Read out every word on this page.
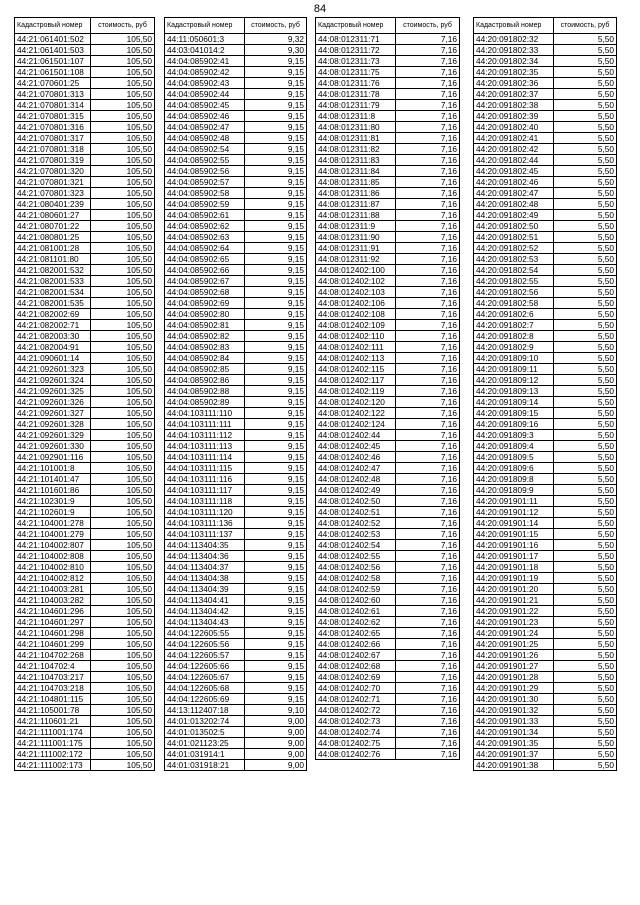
84
Кадастровый номер	стоимость, руб
44:21:061401:502	105,50
44:21:061401:503	105,50
44:21:061501:107	105,50
44:21:061501:108	105,50
44:21:070601:25	105,50
44:21:070801:313	105,50
44:21:070801:314	105,50
44:21:070801:315	105,50
44:21:070801:316	105,50
44:21:070801:317	105,50
44:21:070801:318	105,50
44:21:070801:319	105,50
44:21:070801:320	105,50
44:21:070801:321	105,50
44:21:070801:323	105,50
44:21:080401:239	105,50
44:21:080601:27	105,50
44:21:080701:22	105,50
44:21:080801:25	105,50
44:21:081001:28	105,50
44:21:081101:80	105,50
44:21:082001:532	105,50
44:21:082001:533	105,50
44:21:082001:534	105,50
44:21:082001:535	105,50
44:21:082002:69	105,50
44:21:082002:71	105,50
44:21:082003:30	105,50
44:21:082004:91	105,50
44:21:090601:14	105,50
44:21:092601:323	105,50
44:21:092601:324	105,50
44:21:092601:325	105,50
44:21:092601:326	105,50
44:21:092601:327	105,50
44:21:092601:328	105,50
44:21:092601:329	105,50
44:21:092601:330	105,50
44:21:092901:116	105,50
44:21:101001:8	105,50
44:21:101401:47	105,50
44:21:101601:86	105,50
44:21:102301:9	105,50
44:21:102601:9	105,50
44:21:104001:278	105,50
44:21:104001:279	105,50
44:21:104002:807	105,50
44:21:104002:808	105,50
44:21:104002:810	105,50
44:21:104002:812	105,50
44:21:104003:281	105,50
44:21:104003:282	105,50
44:21:104601:296	105,50
44:21:104601:297	105,50
44:21:104601:298	105,50
44:21:104601:299	105,50
44:21:104702:268	105,50
44:21:104702:4	105,50
44:21:104703:217	105,50
44:21:104703:218	105,50
44:21:104801:115	105,50
44:21:105001:78	105,50
44:21:110601:21	105,50
44:21:111001:174	105,50
44:21:111001:175	105,50
44:21:111002:172	105,50
44:21:111002:173	105,50
Кадастровый номер	стоимость, руб
44:11:050601:3	9,32
44:03:041014:2	9,30
44:04:085902:41	9,15
44:04:085902:42	9,15
44:04:085902:43	9,15
44:04:085902:44	9,15
44:04:085902:45	9,15
44:04:085902:46	9,15
44:04:085902:47	9,15
44:04:085902:48	9,15
44:04:085902:54	9,15
44:04:085902:55	9,15
44:04:085902:56	9,15
44:04:085902:57	9,15
44:04:085902:58	9,15
44:04:085902:59	9,15
44:04:085902:61	9,15
44:04:085902:62	9,15
44:04:085902:63	9,15
44:04:085902:64	9,15
44:04:085902:65	9,15
44:04:085902:66	9,15
44:04:085902:67	9,15
44:04:085902:68	9,15
44:04:085902:69	9,15
44:04:085902:80	9,15
44:04:085902:81	9,15
44:04:085902:82	9,15
44:04:085902:83	9,15
44:04:085902:84	9,15
44:04:085902:85	9,15
44:04:085902:86	9,15
44:04:085902:88	9,15
44:04:085902:89	9,15
44:04:103111:110	9,15
44:04:103111:111	9,15
44:04:103111:112	9,15
44:04:103111:113	9,15
44:04:103111:114	9,15
44:04:103111:115	9,15
44:04:103111:116	9,15
44:04:103111:117	9,15
44:04:103111:118	9,15
44:04:103111:120	9,15
44:04:103111:136	9,15
44:04:103111:137	9,15
44:04:113404:35	9,15
44:04:113404:36	9,15
44:04:113404:37	9,15
44:04:113404:38	9,15
44:04:113404:39	9,15
44:04:113404:41	9,15
44:04:113404:42	9,15
44:04:113404:43	9,15
44:04:122605:55	9,15
44:04:122605:56	9,15
44:04:122605:57	9,15
44:04:122605:66	9,15
44:04:122605:67	9,15
44:04:122605:68	9,15
44:04:122605:69	9,15
44:13:112407:18	9,10
44:01:013202:74	9,00
44:01:013502:5	9,00
44:01:021123:25	9,00
44:01:031914:1	9,00
44:01:031918:21	9,00
Кадастровый номер	стоимость, руб
44:08:012311:71	7,16
44:08:012311:72	7,16
44:08:012311:73	7,16
44:08:012311:75	7,16
44:08:012311:76	7,16
44:08:012311:78	7,16
44:08:012311:79	7,16
44:08:012311:8	7,16
44:08:012311:80	7,16
44:08:012311:81	7,16
44:08:012311:82	7,16
44:08:012311:83	7,16
44:08:012311:84	7,16
44:08:012311:85	7,16
44:08:012311:86	7,16
44:08:012311:87	7,16
44:08:012311:88	7,16
44:08:012311:9	7,16
44:08:012311:90	7,16
44:08:012311:91	7,16
44:08:012311:92	7,16
44:08:012402:100	7,16
44:08:012402:102	7,16
44:08:012402:103	7,16
44:08:012402:106	7,16
44:08:012402:108	7,16
44:08:012402:109	7,16
44:08:012402:110	7,16
44:08:012402:111	7,16
44:08:012402:113	7,16
44:08:012402:115	7,16
44:08:012402:117	7,16
44:08:012402:119	7,16
44:08:012402:120	7,16
44:08:012402:122	7,16
44:08:012402:124	7,16
44:08:012402:44	7,16
44:08:012402:45	7,16
44:08:012402:46	7,16
44:08:012402:47	7,16
44:08:012402:48	7,16
44:08:012402:49	7,16
44:08:012402:50	7,16
44:08:012402:51	7,16
44:08:012402:52	7,16
44:08:012402:53	7,16
44:08:012402:54	7,16
44:08:012402:55	7,16
44:08:012402:56	7,16
44:08:012402:58	7,16
44:08:012402:59	7,16
44:08:012402:60	7,16
44:08:012402:61	7,16
44:08:012402:62	7,16
44:08:012402:65	7,16
44:08:012402:66	7,16
44:08:012402:67	7,16
44:08:012402:68	7,16
44:08:012402:69	7,16
44:08:012402:70	7,16
44:08:012402:71	7,16
44:08:012402:72	7,16
44:08:012402:73	7,16
44:08:012402:74	7,16
44:08:012402:75	7,16
44:08:012402:76	7,16
Кадастровый номер	стоимость, руб
44:20:091802:32	5,50
44:20:091802:33	5,50
44:20:091802:34	5,50
44:20:091802:35	5,50
44:20:091802:36	5,50
44:20:091802:37	5,50
44:20:091802:38	5,50
44:20:091802:39	5,50
44:20:091802:40	5,50
44:20:091802:41	5,50
44:20:091802:42	5,50
44:20:091802:44	5,50
44:20:091802:45	5,50
44:20:091802:46	5,50
44:20:091802:47	5,50
44:20:091802:48	5,50
44:20:091802:49	5,50
44:20:091802:50	5,50
44:20:091802:51	5,50
44:20:091802:52	5,50
44:20:091802:53	5,50
44:20:091802:54	5,50
44:20:091802:55	5,50
44:20:091802:56	5,50
44:20:091802:58	5,50
44:20:091802:6	5,50
44:20:091802:7	5,50
44:20:091802:8	5,50
44:20:091802:9	5,50
44:20:091809:10	5,50
44:20:091809:11	5,50
44:20:091809:12	5,50
44:20:091809:13	5,50
44:20:091809:14	5,50
44:20:091809:15	5,50
44:20:091809:16	5,50
44:20:091809:3	5,50
44:20:091809:4	5,50
44:20:091809:5	5,50
44:20:091809:6	5,50
44:20:091809:8	5,50
44:20:091809:9	5,50
44:20:091901:11	5,50
44:20:091901:12	5,50
44:20:091901:14	5,50
44:20:091901:15	5,50
44:20:091901:16	5,50
44:20:091901:17	5,50
44:20:091901:18	5,50
44:20:091901:19	5,50
44:20:091901:20	5,50
44:20:091901:21	5,50
44:20:091901:22	5,50
44:20:091901:23	5,50
44:20:091901:24	5,50
44:20:091901:25	5,50
44:20:091901:26	5,50
44:20:091901:27	5,50
44:20:091901:28	5,50
44:20:091901:29	5,50
44:20:091901:30	5,50
44:20:091901:32	5,50
44:20:091901:33	5,50
44:20:091901:34	5,50
44:20:091901:35	5,50
44:20:091901:37	5,50
44:20:091901:38	5,50
